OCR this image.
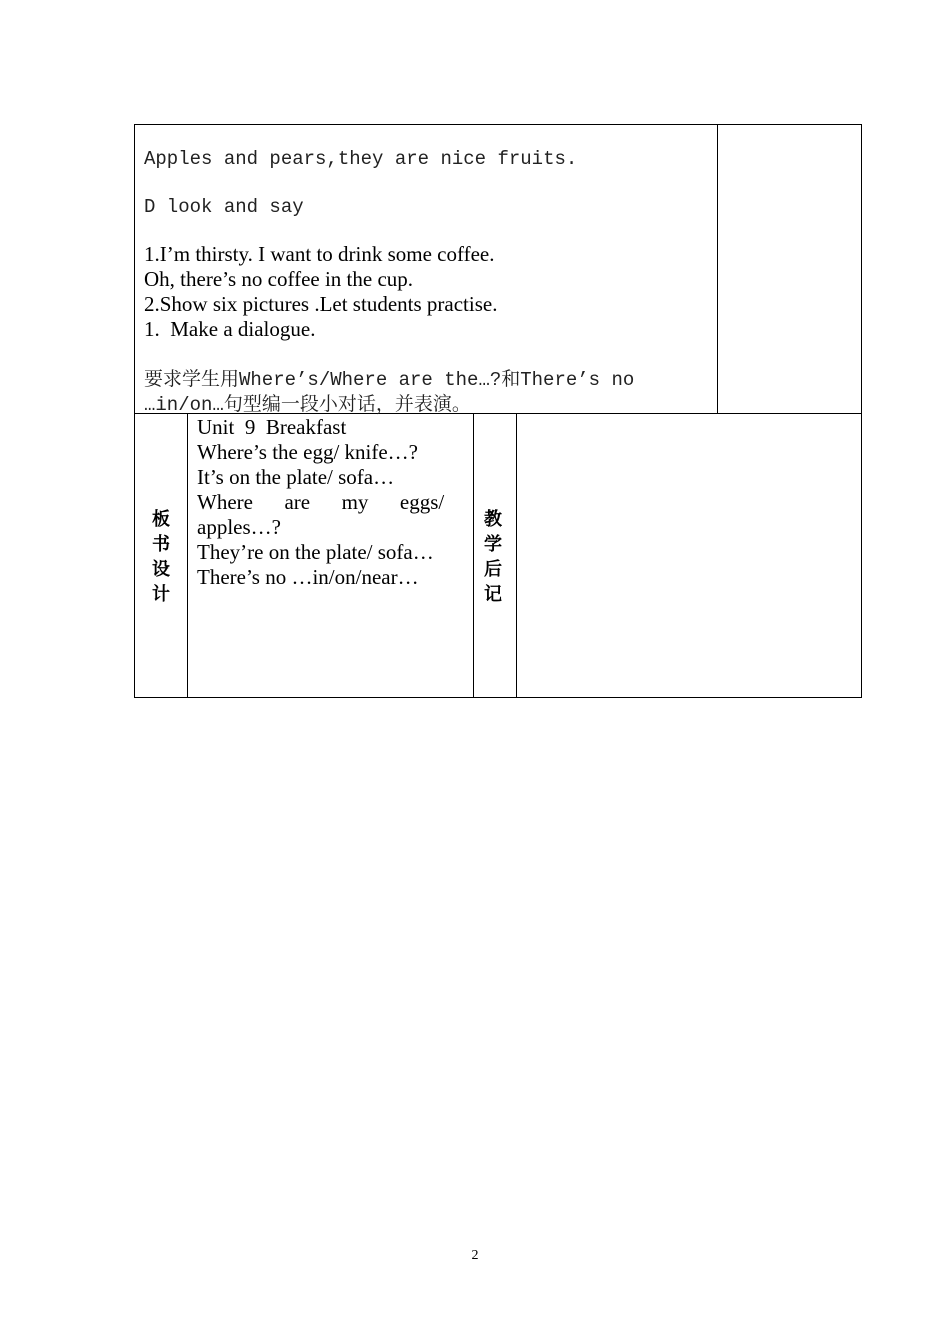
Apples and pears,they are nice fruits.
D look and say
1.I’m thirsty. I want to drink some coffee.
Oh, there’s no coffee in the cup.
2.Show six pictures .Let students practise.
1.  Make a dialogue.
要求学生用Where’s/Where are the…?和There’s no
…in/on…句型编一段小对话，并表演。
板
书
设
计
Unit  9  Breakfast
Where’s the egg/ knife…?
It’s on the plate/ sofa…
Where      are      my      eggs/
apples…?
They’re on the plate/ sofa…
There’s no …in/on/near…
教
学
后
记
2
